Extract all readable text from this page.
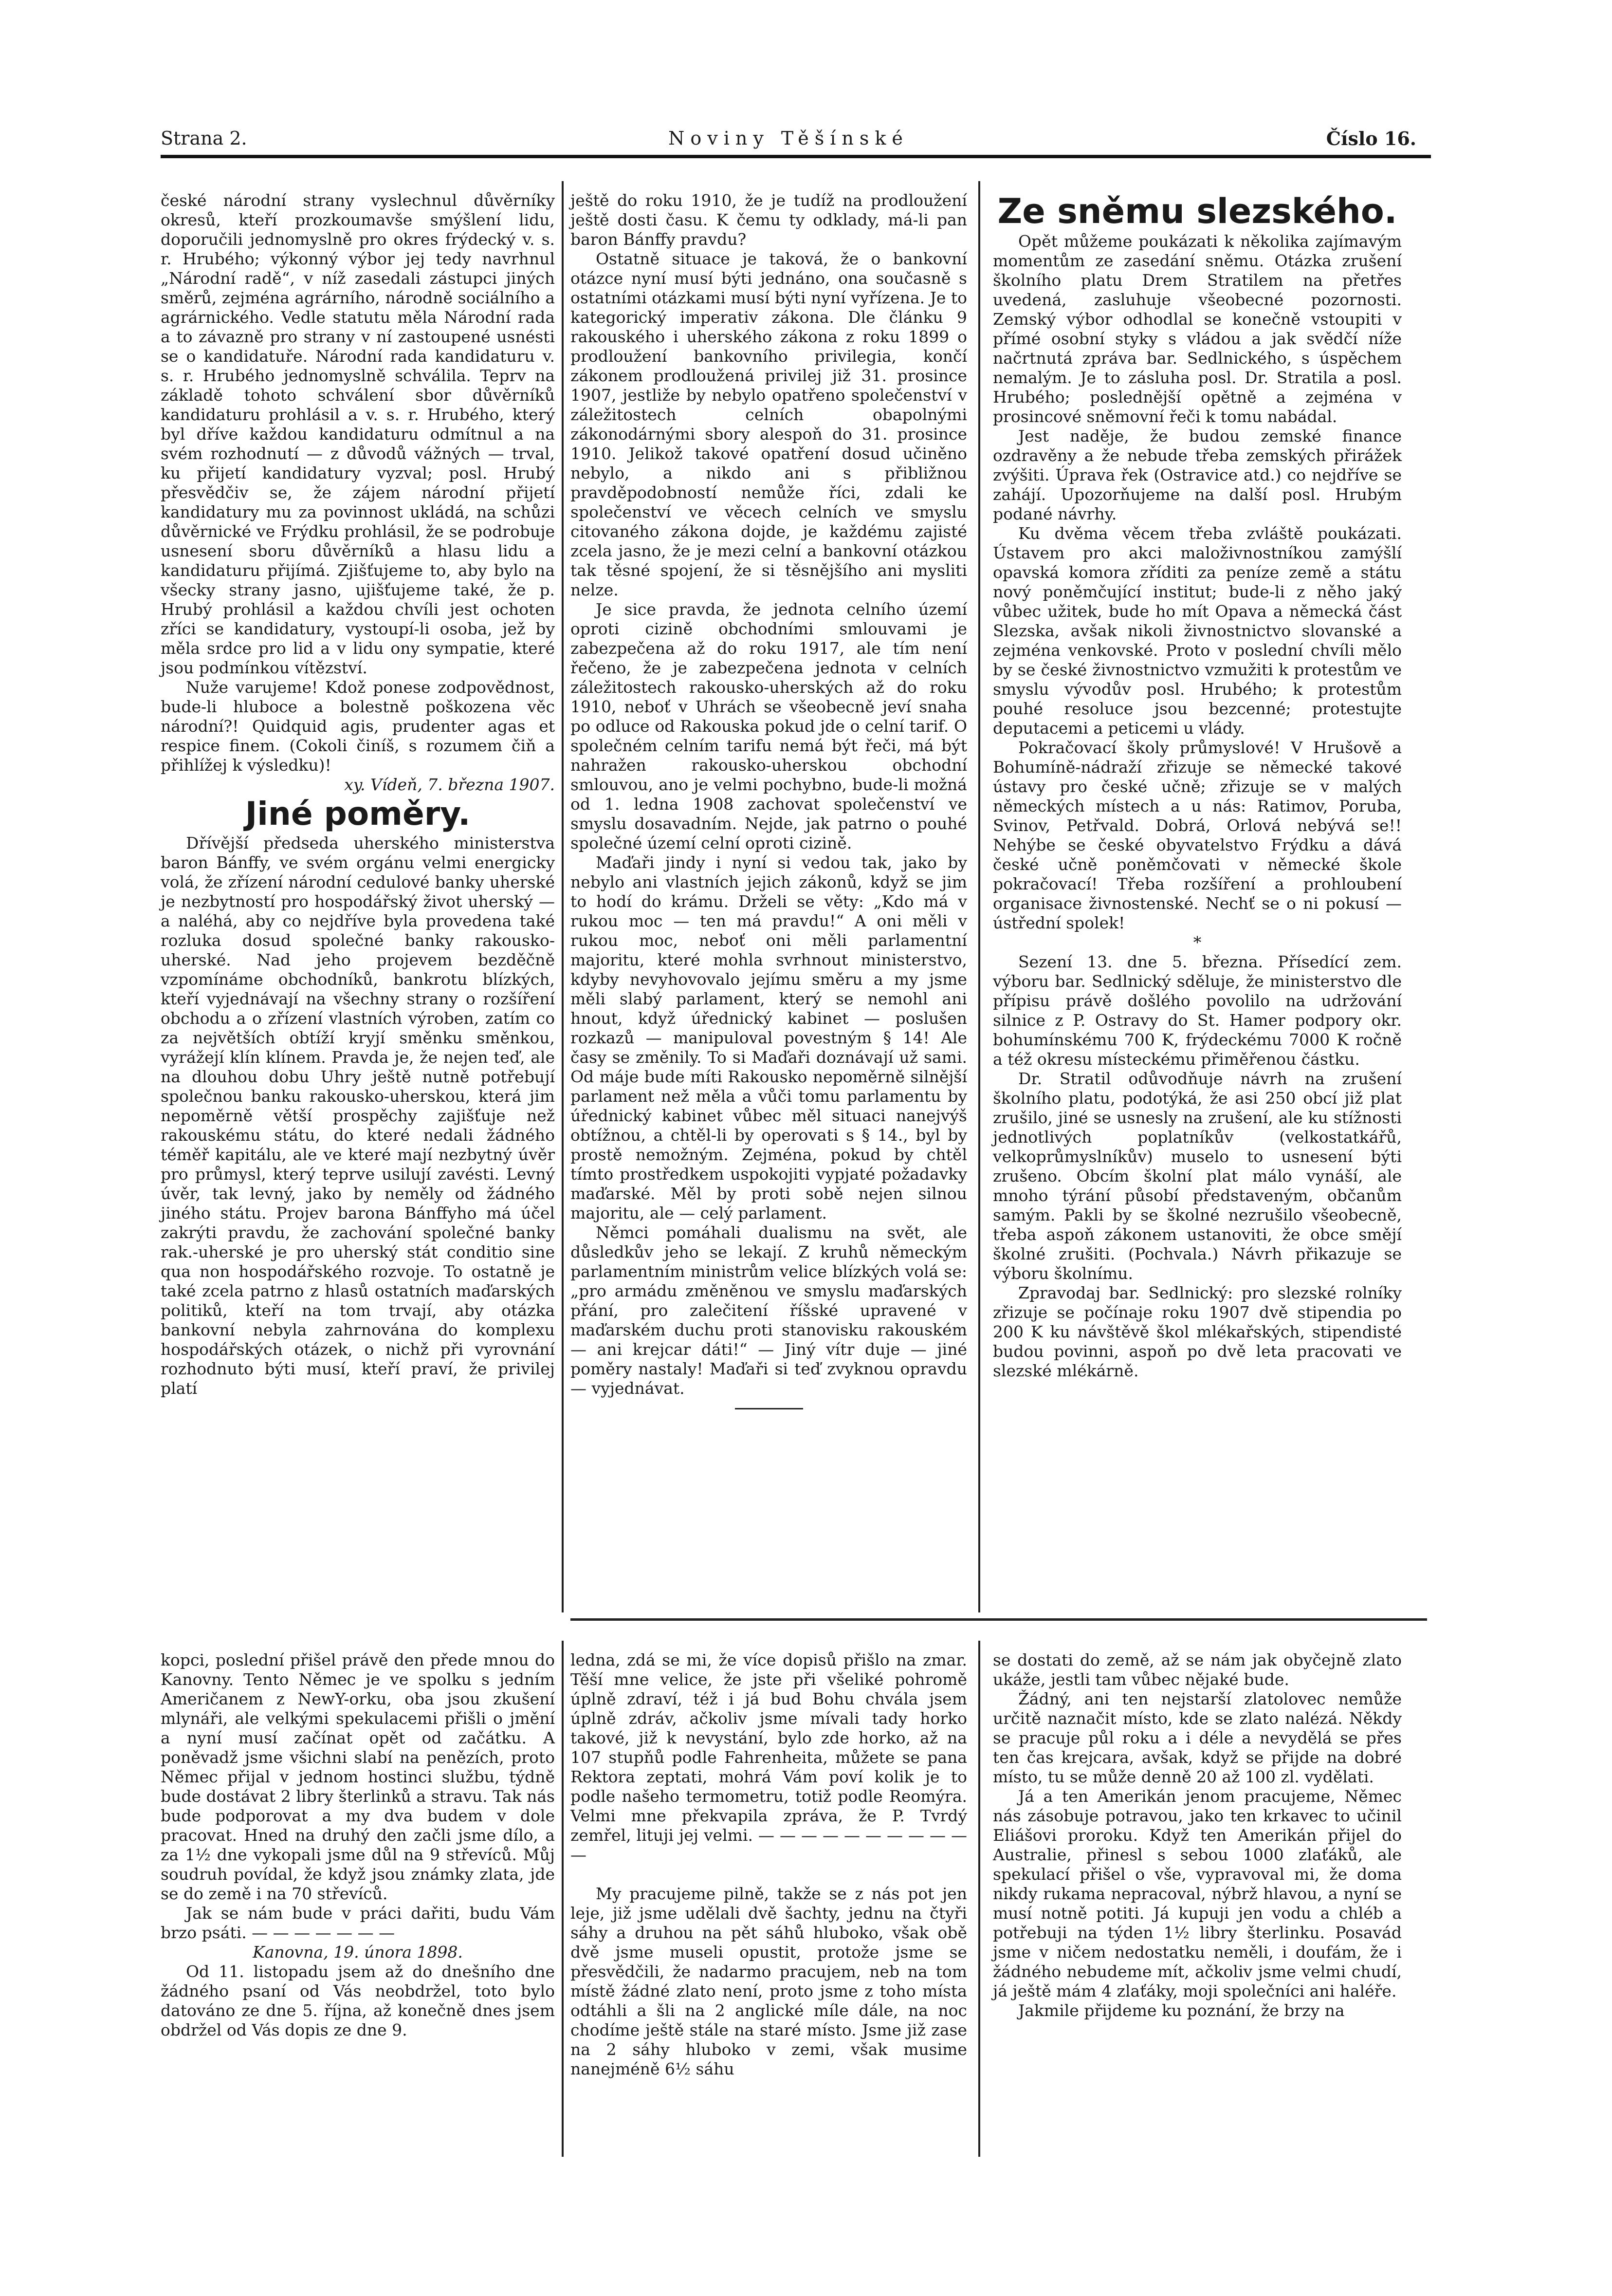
Strana 2.	Noviny Těšínské	Číslo 16.

české národní strany vyslechnul důvěrníky okresů, kteří prozkoumavše smýšlení lidu, doporučili jednomyslně pro okres frýdecký v. s. r. Hrubého; výkonný výbor jej tedy navrhnul „Národní radě“, v níž zasedali zástupci jiných směrů, zejména agrárního, národně sociálního a agrárnického. Vedle statutu měla Národní rada a to závazně pro strany v ní zastoupené usnésti se o kandidatuře. Národní rada kandidaturu v. s. r. Hrubého jednomyslně schválila. Teprv na základě tohoto schválení sbor důvěrníků kandidaturu prohlásil a v. s. r. Hrubého, který byl dříve každou kandidaturu odmítnul a na svém rozhodnutí — z důvodů vážných — trval, ku přijetí kandidatury vyzval; posl. Hrubý přesvědčiv se, že zájem národní přijetí kandidatury mu za povinnost ukládá, na schůzi důvěrnické ve Frýdku prohlásil, že se podrobuje usnesení sboru důvěrníků a hlasu lidu a kandidaturu přijímá. Zjišťujeme to, aby bylo na všecky strany jasno, ujišťujeme také, že p. Hrubý prohlásil a každou chvíli jest ochoten zříci se kandidatury, vystoupí-li osoba, jež by měla srdce pro lid a v lidu ony sympatie, které jsou podmínkou vítězství.

Nuže varujeme! Kdož ponese zodpovědnost, bude-li hluboce a bolestně poškozena věc národní?! Quidquid agis, prudenter agas et respice finem. (Cokoli činíš, s rozumem čiň a přihlížej k výsledku)!

xy. Vídeň, 7. března 1907.

Jiné poměry.

Dřívější předseda uherského ministerstva baron Bánffy, ve svém orgánu velmi energicky volá, že zřízení národní cedulové banky uherské je nezbytností pro hospodářský život uherský — a naléhá, aby co nejdříve byla provedena také rozluka dosud společné banky rakousko-uherské. Nad jeho projevem bezděčně vzpomínáme obchodníků, bankrotu blízkých, kteří vyjednávají na všechny strany o rozšíření obchodu a o zřízení vlastních výroben, zatím co za největších obtíží kryjí směnku směnkou, vyrážejí klín klínem. Pravda je, že nejen teď, ale na dlouhou dobu Uhry ještě nutně potřebují společnou banku rakousko-uherskou, která jim nepoměrně větší prospěchy zajišťuje než rakouskému státu, do které nedali žádného téměř kapitálu, ale ve které mají nezbytný úvěr pro průmysl, který teprve usilují zavésti. Levný úvěr, tak levný, jako by neměly od žádného jiného státu. Projev barona Bánffyho má účel zakrýti pravdu, že zachování společné banky rak.-uherské je pro uherský stát conditio sine qua non hospodářského rozvoje. To ostatně je také zcela patrno z hlasů ostatních maďarských politiků, kteří na tom trvají, aby otázka bankovní nebyla zahrnována do komplexu hospodářských otázek, o nichž při vyrovnání rozhodnuto býti musí, kteří praví, že privilej platí

ještě do roku 1910, že je tudíž na prodloužení ještě dosti času. K čemu ty odklady, má-li pan baron Bánffy pravdu?

Ostatně situace je taková, že o bankovní otázce nyní musí býti jednáno, ona současně s ostatními otázkami musí býti nyní vyřízena. Je to kategorický imperativ zákona. Dle článku 9 rakouského i uherského zákona z roku 1899 o prodloužení bankovního privilegia, končí zákonem prodloužená privilej již 31. prosince 1907, jestliže by nebylo opatřeno společenství v záležitostech celních obapolnými zákonodárnými sbory alespoň do 31. prosince 1910. Jelikož takové opatření dosud učiněno nebylo, a nikdo ani s přibližnou pravděpodobností nemůže říci, zdali ke společenství ve věcech celních ve smyslu citovaného zákona dojde, je každému zajisté zcela jasno, že je mezi celní a bankovní otázkou tak těsné spojení, že si těsnějšího ani mysliti nelze.

Je sice pravda, že jednota celního území oproti cizině obchodními smlouvami je zabezpečena až do roku 1917, ale tím není řečeno, že je zabezpečena jednota v celních záležitostech rakousko-uherských až do roku 1910, neboť v Uhrách se všeobecně jeví snaha po odluce od Rakouska pokud jde o celní tarif. O společném celním tarifu nemá být řeči, má být nahražen rakousko-uherskou obchodní smlouvou, ano je velmi pochybno, bude-li možná od 1. ledna 1908 zachovat společenství ve smyslu dosavadním. Nejde, jak patrno o pouhé společné území celní oproti cizině.

Maďaři jindy i nyní si vedou tak, jako by nebylo ani vlastních jejich zákonů, když se jim to hodí do krámu. Drželi se věty: „Kdo má v rukou moc — ten má pravdu!“ A oni měli v rukou moc, neboť oni měli parlamentní majoritu, které mohla svrhnout ministerstvo, kdyby nevyhovovalo jejímu směru a my jsme měli slabý parlament, který se nemohl ani hnout, když úřednický kabinet — poslušen rozkazů — manipuloval povestným § 14! Ale časy se změnily. To si Maďaři doznávají už sami. Od máje bude míti Rakousko nepoměrně silnější parlament než měla a vůči tomu parlamentu by úřednický kabinet vůbec měl situaci nanejvýš obtížnou, a chtěl-li by operovati s § 14., byl by prostě nemožným. Zejména, pokud by chtěl tímto prostředkem uspokojiti vypjaté požadavky maďarské. Měl by proti sobě nejen silnou majoritu, ale — celý parlament.

Němci pomáhali dualismu na svět, ale důsledkův jeho se lekají. Z kruhů německým parlamentním ministrům velice blízkých volá se: „pro armádu změněnou ve smyslu maďarských přání, pro zalečitení říšské upravené v maďarském duchu proti stanovisku rakouském — ani krejcar dáti!“ — Jiný vítr duje — jiné poměry nastaly! Maďaři si teď zvyknou opravdu — vyjednávat.

Ze sněmu slezského.

Opět můžeme poukázati k několika zajímavým momentům ze zasedání sněmu. Otázka zrušení školního platu Drem Stratilem na přetřes uvedená, zasluhuje všeobecné pozornosti. Zemský výbor odhodlal se konečně vstoupiti v přímé osobní styky s vládou a jak svědčí níže načrtnutá zpráva bar. Sedlnického, s úspěchem nemalým. Je to zásluha posl. Dr. Stratila a posl. Hrubého; poslednější opětně a zejména v prosincové sněmovní řeči k tomu nabádal.

Jest naděje, že budou zemské finance ozdravěny a že nebude třeba zemských přirážek zvýšiti. Úprava řek (Ostravice atd.) co nejdříve se zahájí. Upozorňujeme na další posl. Hrubým podané návrhy.

Ku dvěma věcem třeba zvláště poukázati. Ústavem pro akci maloživnostníkou zamýšlí opavská komora zříditi za peníze země a státu nový poněmčující institut; bude-li z něho jaký vůbec užitek, bude ho mít Opava a německá část Slezska, avšak nikoli živnostnictvo slovanské a zejména venkovské. Proto v poslední chvíli mělo by se české živnostnictvo vzmužiti k protestům ve smyslu vývodův posl. Hrubého; k protestům pouhé resoluce jsou bezcenné; protestujte deputacemi a peticemi u vlády.

Pokračovací školy průmyslové! V Hrušově a Bohumíně-nádraží zřizuje se německé takové ústavy pro české učně; zřizuje se v malých německých místech a u nás: Ratimov, Poruba, Svinov, Petřvald. Dobrá, Orlová nebývá se!! Nehýbe se české obyvatelstvo Frýdku a dává české učně poněmčovati v německé škole pokračovací! Třeba rozšíření a prohloubení organisace živnostenské. Nechť se o ni pokusí — ústřední spolek!

*

Sezení 13. dne 5. března. Přísedící zem. výboru bar. Sedlnický sděluje, že ministerstvo dle přípisu právě došlého povolilo na udržování silnice z P. Ostravy do St. Hamer podpory okr. bohumínskému 700 K, frýdeckému 7000 K ročně a též okresu místeckému přiměřenou částku.

Dr. Stratil odůvodňuje návrh na zrušení školního platu, podotýká, že asi 250 obcí již plat zrušilo, jiné se usnesly na zrušení, ale ku stížnosti jednotlivých poplatníkův (velkostatkářů, velkoprůmyslníkův) muselo to usnesení býti zrušeno. Obcím školní plat málo vynáší, ale mnoho týrání působí představeným, občanům samým. Pakli by se školné nezrušilo všeobecně, třeba aspoň zákonem ustanoviti, že obce smějí školné zrušiti. (Pochvala.) Návrh přikazuje se výboru školnímu.

Zpravodaj bar. Sedlnický: pro slezské rolníky zřizuje se počínaje roku 1907 dvě stipendia po 200 K ku návštěvě škol mlékařských, stipendisté budou povinni, aspoň po dvě leta pracovati ve slezské mlékárně.

kopci, poslední přišel právě den přede mnou do Kanovny. Tento Němec je ve spolku s jedním Američanem z NewY-orku, oba jsou zkušení mlynáři, ale velkými spekulacemi přišli o jmění a nyní musí začínat opět od začátku. A poněvadž jsme všichni slabí na penězích, proto Němec přijal v jednom hostinci službu, týdně bude dostávat 2 libry šterlinků a stravu. Tak nás bude podporovat a my dva budem v dole pracovat. Hned na druhý den začli jsme dílo, a za 1½ dne vykopali jsme důl na 9 střevíců. Můj soudruh povídal, že když jsou známky zlata, jde se do země i na 70 střevíců.

Jak se nám bude v práci dařiti, budu Vám brzo psáti. — — — — — — —

Kanovna, 19. února 1898.

Od 11. listopadu jsem až do dnešního dne žádného psaní od Vás neobdržel, toto bylo datováno ze dne 5. října, až konečně dnes jsem obdržel od Vás dopis ze dne 9.

ledna, zdá se mi, že více dopisů přišlo na zmar. Těší mne velice, že jste při všeliké pohromě úplně zdraví, též i já bud Bohu chvála jsem úplně zdráv, ačkoliv jsme mívali tady horko takové, již k nevystání, bylo zde horko, až na 107 stupňů podle Fahrenheita, můžete se pana Rektora zeptati, mohrá Vám poví kolik je to podle našeho termometru, totiž podle Reomýra. Velmi mne překvapila zpráva, že P. Tvrdý zemřel, lituji jej velmi. — — — — — — — — — — —

My pracujeme pilně, takže se z nás pot jen leje, již jsme udělali dvě šachty, jednu na čtyři sáhy a druhou na pět sáhů hluboko, však obě dvě jsme museli opustit, protože jsme se přesvědčili, že nadarmo pracujem, neb na tom místě žádné zlato není, proto jsme z toho místa odtáhli a šli na 2 anglické míle dále, na noc chodíme ještě stále na staré místo. Jsme již zase na 2 sáhy hluboko v zemi, však musime nanejméně 6½ sáhu

se dostati do země, až se nám jak obyčejně zlato ukáže, jestli tam vůbec nějaké bude.

Žádný, ani ten nejstarší zlatolovec nemůže určitě naznačit místo, kde se zlato nalézá. Někdy se pracuje půl roku a i déle a nevydělá se přes ten čas krejcara, avšak, když se přijde na dobré místo, tu se může denně 20 až 100 zl. vydělati.

Já a ten Amerikán jenom pracujeme, Němec nás zásobuje potravou, jako ten krkavec to učinil Eliášovi proroku. Když ten Amerikán přijel do Australie, přinesl s sebou 1000 zlaťáků, ale spekulací přišel o vše, vypravoval mi, že doma nikdy rukama nepracoval, nýbrž hlavou, a nyní se musí notně potiti. Já kupuji jen vodu a chléb a potřebuji na týden 1½ libry šterlinku. Posavád jsme v ničem nedostatku neměli, i doufám, že i žádného nebudeme mít, ačkoliv jsme velmi chudí, já ještě mám 4 zlaťáky, moji společníci ani haléře.

Jakmile přijdeme ku poznání, že brzy na
